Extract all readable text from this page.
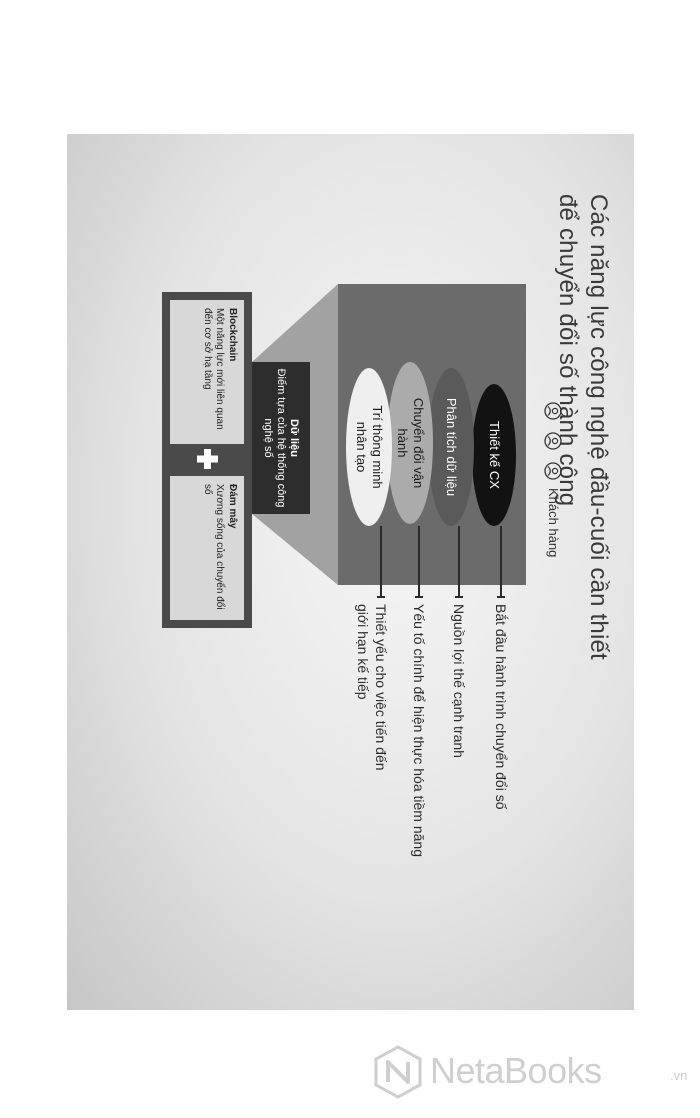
Các năng lực công nghệ đầu-cuối cần thiết
để chuyển đổi số thành công
Khách hàng
Thiết kế CX
Phân tích dữ liệu
Chuyển đổi vận hành
Trí thông minh nhân tạo
Bắt đầu hành trình chuyển đổi số
Nguồn lợi thế cạnh tranh
Yếu tố chính để hiện thực hóa tiềm năng
Thiết yếu cho việc tiến đến
giới hạn kế tiếp
Dữ liệu
Điểm tựa của hệ thống công nghệ số
Blockchain
Một năng lực mới liên quan đến cơ sở hạ tầng
Đám mây
Xương sống của chuyển đổi số
NetaBooks	.vn
